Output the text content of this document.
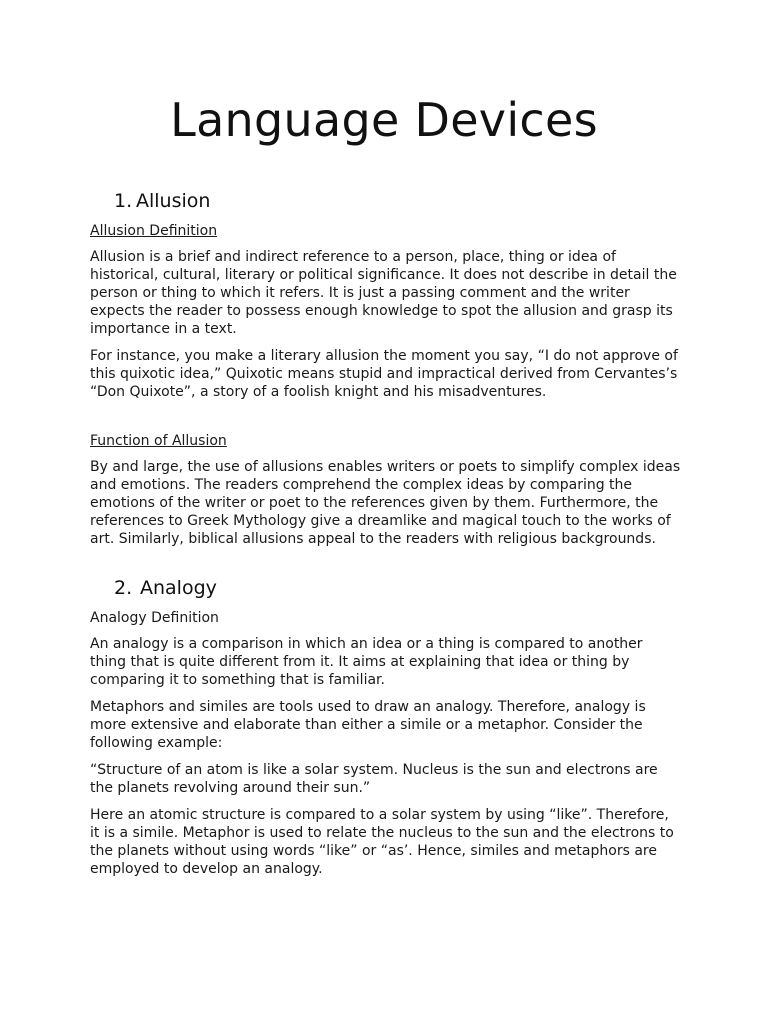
Language Devices
1. Allusion
Allusion Definition

Allusion is a brief and indirect reference to a person, place, thing or idea of historical, cultural, literary or political significance. It does not describe in detail the person or thing to which it refers. It is just a passing comment and the writer expects the reader to possess enough knowledge to spot the allusion and grasp its importance in a text.

For instance, you make a literary allusion the moment you say, “I do not approve of this quixotic idea,” Quixotic means stupid and impractical derived from Cervantes’s “Don Quixote”, a story of a foolish knight and his misadventures.

Function of Allusion

By and large, the use of allusions enables writers or poets to simplify complex ideas and emotions. The readers comprehend the complex ideas by comparing the emotions of the writer or poet to the references given by them. Furthermore, the references to Greek Mythology give a dreamlike and magical touch to the works of art. Similarly, biblical allusions appeal to the readers with religious backgrounds.

2. Analogy
Analogy Definition

An analogy is a comparison in which an idea or a thing is compared to another thing that is quite different from it. It aims at explaining that idea or thing by comparing it to something that is familiar.

Metaphors and similes are tools used to draw an analogy. Therefore, analogy is more extensive and elaborate than either a simile or a metaphor. Consider the following example:

“Structure of an atom is like a solar system. Nucleus is the sun and electrons are the planets revolving around their sun.”

Here an atomic structure is compared to a solar system by using “like”. Therefore, it is a simile. Metaphor is used to relate the nucleus to the sun and the electrons to the planets without using words “like” or “as’. Hence, similes and metaphors are employed to develop an analogy.
